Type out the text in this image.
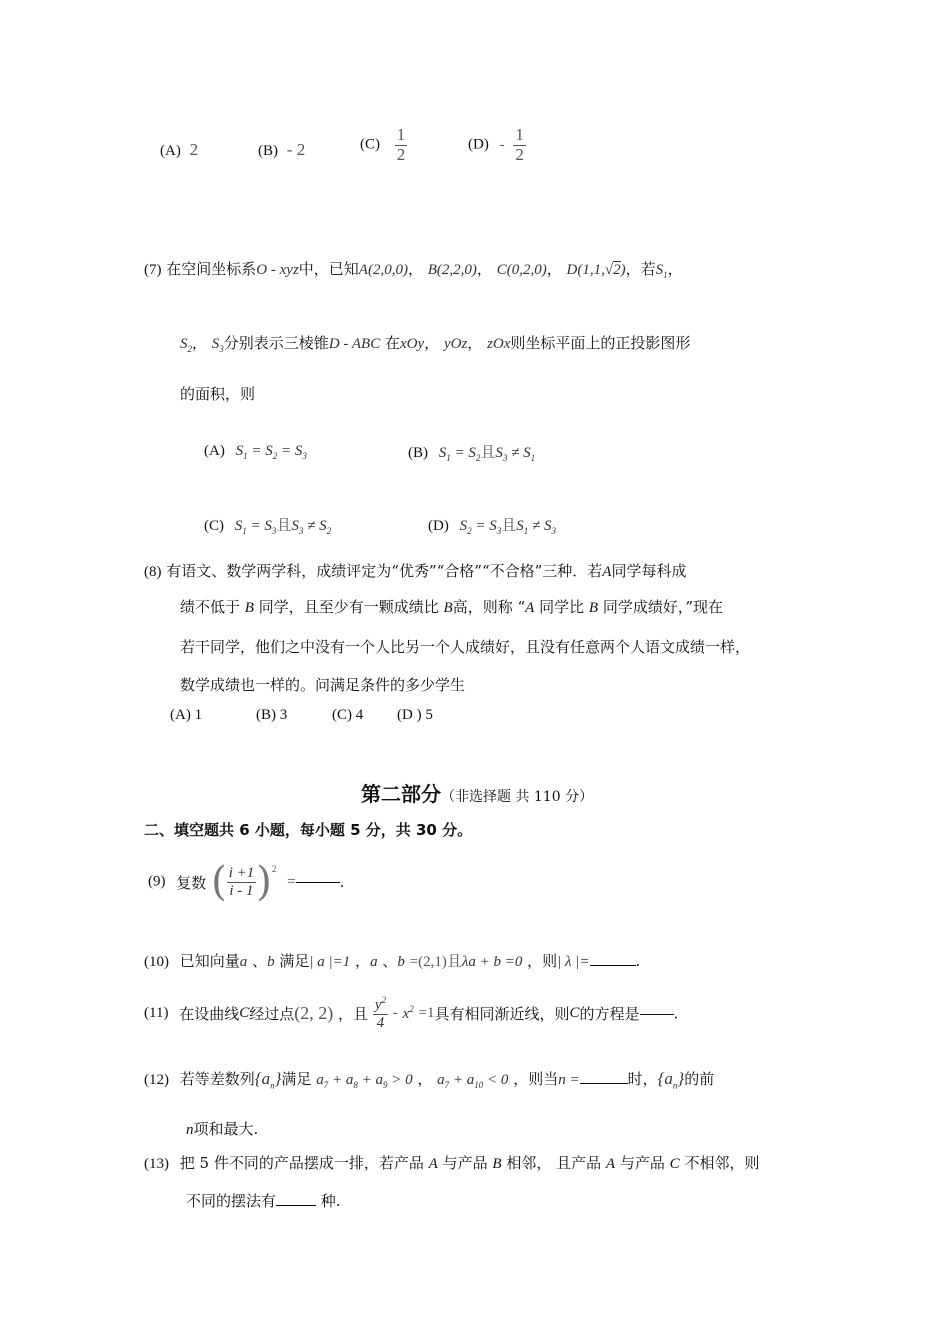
(A) 2	(B) - 2	$(C) \frac{1}{2}$	$(D) - \frac{1}{2}$
(7) 在空间坐标系O - xyz中，已知A(2,0,0)， B(2,2,0)， C(0,2,0)， D(1,1,√2)，若$S_1$，
$S_2$， $S_3$分别表示三棱锥D - ABC 在xOy， yOz， zOx则坐标平面上的正投影图形
的面积，则
(A) $S_1 = S_2 = S_3$	(B) $S_1 = S_2$且$S_3 \ne S_1$
(C) $S_1 = S_3$且$S_3 \ne S_2$	(D) $S_2 = S_3$且$S_1 \ne S_3$
(8) 有语文、数学两学科，成绩评定为“优秀”“合格”“不合格”三种．若A同学每科成
绩不低于 B 同学，且至少有一颗成绩比 B高，则称 “A 同学比 B 同学成绩好，”现在
若干同学，他们之中没有一个人比另一个人成绩好，且没有任意两个人语文成绩一样，
数学成绩也一样的。问满足条件的多少学生
(A) 1	(B) 3	(C) 4 (D ) 5
第二部分（非选择题 共 110 分）
二、填空题共 6 小题，每小题 5 分，共 30 分。
(9) 复数 ( $\frac{i +1}{i - 1} )^2$ =	.
(10) 已知向量a 、b 满足| a |=1 ，a 、b =(2,1)且λa + b =0 ，则| λ |=	.
(11) 在设曲线C经过点(2, 2) ，且 $\frac{y^2}{4} - x^2 =1$具有相同渐近线，则C的方程是 .
(12) 若等差数列$\{a_n\}$满足 $a_7 + a_8 + a_9 > 0$ ， $a_7 + a_{10} < 0$ ，则当n =	时，$\{a_n\}$的前
n项和最大.
(13) 把 5 件不同的产品摆成一排，若产品 A 与产品 B 相邻， 且产品 A 与产品 C 不相邻，则
不同的摆法有	种.
